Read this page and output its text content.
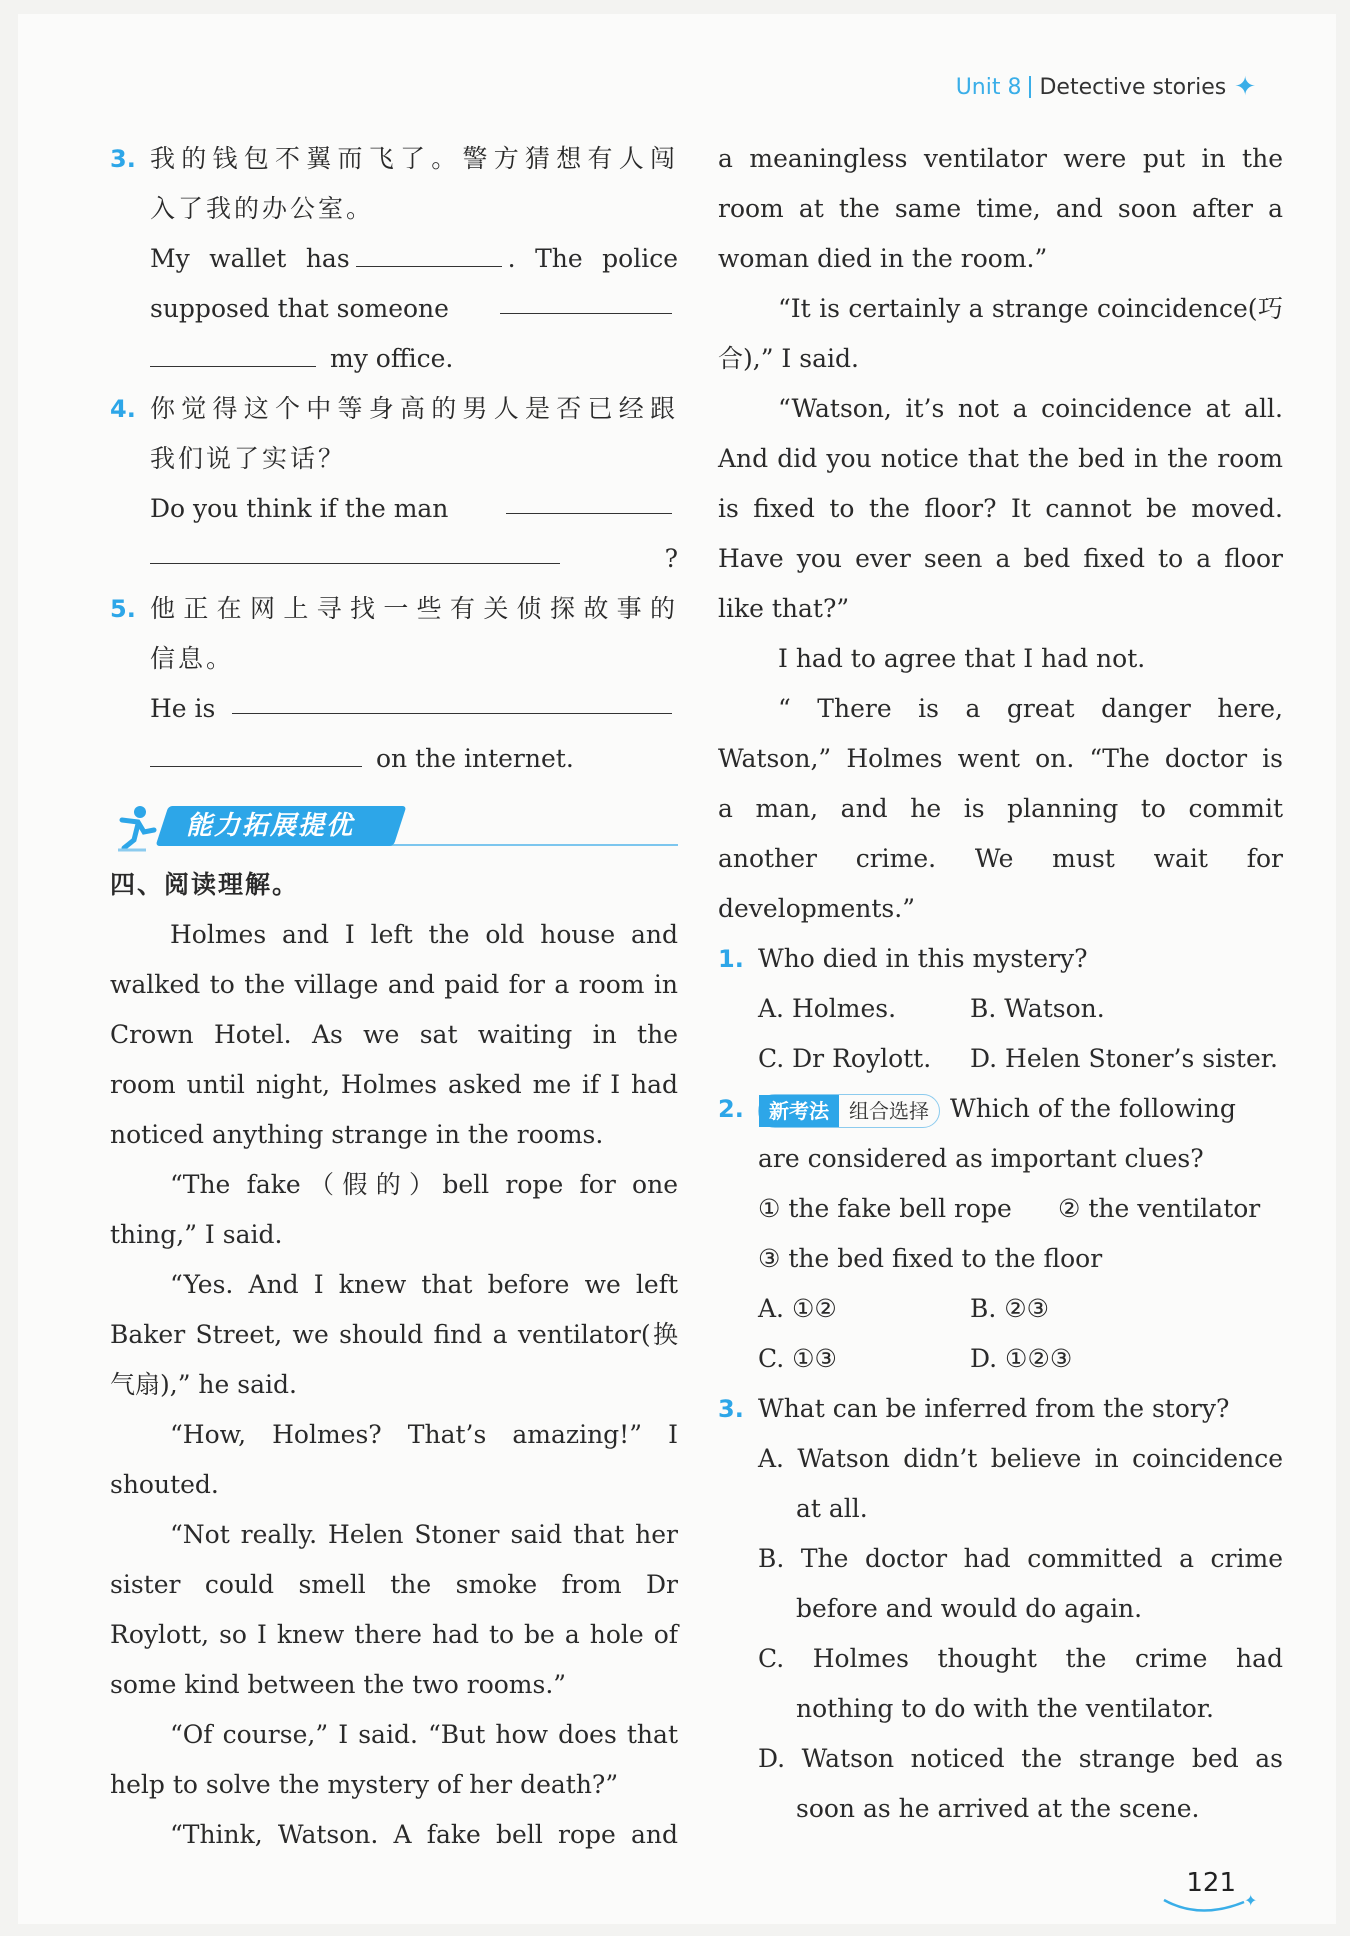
Unit 8 Detective stories ✦
3. 我的钱包不翼而飞了。警方猜想有人闯
入了我的办公室。
My wallet has	. The police
supposed that someone
my office.
4. 你觉得这个中等身高的男人是否已经跟
我们说了实话？
Do you think if the man
?
5. 他正在网上寻找一些有关侦探故事的
信息。
He is
on the internet.
能力拓展提优
四、阅读理解。
Holmes and I left the old house and
walked to the village and paid for a room in
Crown Hotel. As we sat waiting in the
room until night, Holmes asked me if I had
noticed anything strange in the rooms.
“The fake（假的）bell rope for one
thing,” I said.
“Yes. And I knew that before we left
Baker Street, we should find a ventilator(换
气扇),” he said.
“How, Holmes? That’s amazing!” I
shouted.
“Not really. Helen Stoner said that her
sister could smell the smoke from Dr
Roylott, so I knew there had to be a hole of
some kind between the two rooms.”
“Of course,” I said. “But how does that
help to solve the mystery of her death?”
“Think, Watson. A fake bell rope and
a meaningless ventilator were put in the
room at the same time, and soon after a
woman died in the room.”
“It is certainly a strange coincidence(巧
合),” I said.
“Watson, it’s not a coincidence at all.
And did you notice that the bed in the room
is fixed to the floor? It cannot be moved.
Have you ever seen a bed fixed to a floor
like that?”
I had to agree that I had not.
“ There is a great danger here,
Watson,” Holmes went on. “The doctor is
a man, and he is planning to commit
another crime. We must wait for
developments.”
1. Who died in this mystery?
A. Holmes.	B. Watson.
C. Dr Roylott.	D. Helen Stoner’s sister.
2.	新考法	组合选择 Which of the following
are considered as important clues?
① the fake bell rope	② the ventilator
③ the bed fixed to the floor
A. ①②	B. ②③
C. ①③	D. ①②③
3. What can be inferred from the story?
A. Watson didn’t believe in coincidence
at all.
B. The doctor had committed a crime
before and would do again.
C. Holmes thought the crime had
nothing to do with the ventilator.
D. Watson noticed the strange bed as
soon as he arrived at the scene.
✦
121
